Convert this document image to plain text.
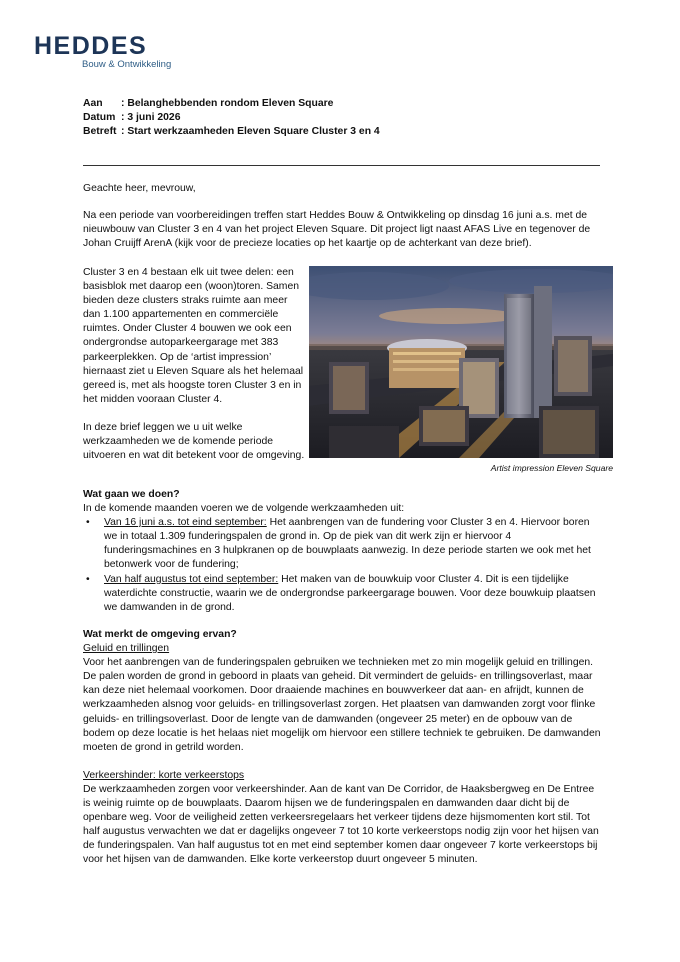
HEDDES
Bouw & Ontwikkeling
Aan	: Belanghebbenden rondom Eleven Square
Datum : 3 juni 2026
Betreft : Start werkzaamheden Eleven Square Cluster 3 en 4
Geachte heer, mevrouw,
Na een periode van voorbereidingen treffen start Heddes Bouw & Ontwikkeling op dinsdag 16 juni a.s. met de nieuwbouw van Cluster 3 en 4 van het project Eleven Square. Dit project ligt naast AFAS Live en tegenover de Johan Cruijff ArenA (kijk voor de precieze locaties op het kaartje op de achterkant van deze brief).

Cluster 3 en 4 bestaan elk uit twee delen: een basisblok met daarop een (woon)toren. Samen bieden deze clusters straks ruimte aan meer dan 1.100 appartementen en commerciële ruimtes. Onder Cluster 4 bouwen we ook een ondergrondse autoparkeergarage met 383 parkeerplekken. Op de ‘artist impression’ hiernaast ziet u Eleven Square als het helemaal gereed is, met als hoogste toren Cluster 3 en in het midden vooraan Cluster 4.

In deze brief leggen we u uit welke werkzaamheden we de komende periode uitvoeren en wat dit betekent voor de omgeving.

Artist impression Eleven Square
Wat gaan we doen?
In de komende maanden voeren we de volgende werkzaamheden uit:
• Van 16 juni a.s. tot eind september: Het aanbrengen van de fundering voor Cluster 3 en 4. Hiervoor boren we in totaal 1.309 funderingspalen de grond in. Op de piek van dit werk zijn er hiervoor 4 funderingsmachines en 3 hulpkranen op de bouwplaats aanwezig. In deze periode starten we ook met het betonwerk voor de fundering;
• Van half augustus tot eind september: Het maken van de bouwkuip voor Cluster 4. Dit is een tijdelijke waterdichte constructie, waarin we de ondergrondse parkeergarage bouwen. Voor deze bouwkuip plaatsen we damwanden in de grond.
Wat merkt de omgeving ervan?
Geluid en trillingen
Voor het aanbrengen van de funderingspalen gebruiken we technieken met zo min mogelijk geluid en trillingen. De palen worden de grond in geboord in plaats van geheid. Dit vermindert de geluids- en trillingsoverlast, maar kan deze niet helemaal voorkomen. Door draaiende machines en bouwverkeer dat aan- en afrijdt, kunnen de werkzaamheden alsnog voor geluids- en trillingsoverlast zorgen. Het plaatsen van damwanden zorgt voor flinke geluids- en trillingsoverlast. Door de lengte van de damwanden (ongeveer 25 meter) en de opbouw van de bodem op deze locatie is het helaas niet mogelijk om hiervoor een stillere techniek te gebruiken. De damwanden moeten de grond in getrild worden.
Verkeershinder: korte verkeerstops
De werkzaamheden zorgen voor verkeershinder. Aan de kant van De Corridor, de Haaksbergweg en De Entree is weinig ruimte op de bouwplaats. Daarom hijsen we de funderingspalen en damwanden daar dicht bij de openbare weg. Voor de veiligheid zetten verkeersregelaars het verkeer tijdens deze hijsmomenten kort stil. Tot half augustus verwachten we dat er dagelijks ongeveer 7 tot 10 korte verkeerstops nodig zijn voor het hijsen van de funderingspalen. Van half augustus tot en met eind september komen daar ongeveer 7 korte verkeerstops bij voor het hijsen van de damwanden. Elke korte verkeerstop duurt ongeveer 5 minuten.
